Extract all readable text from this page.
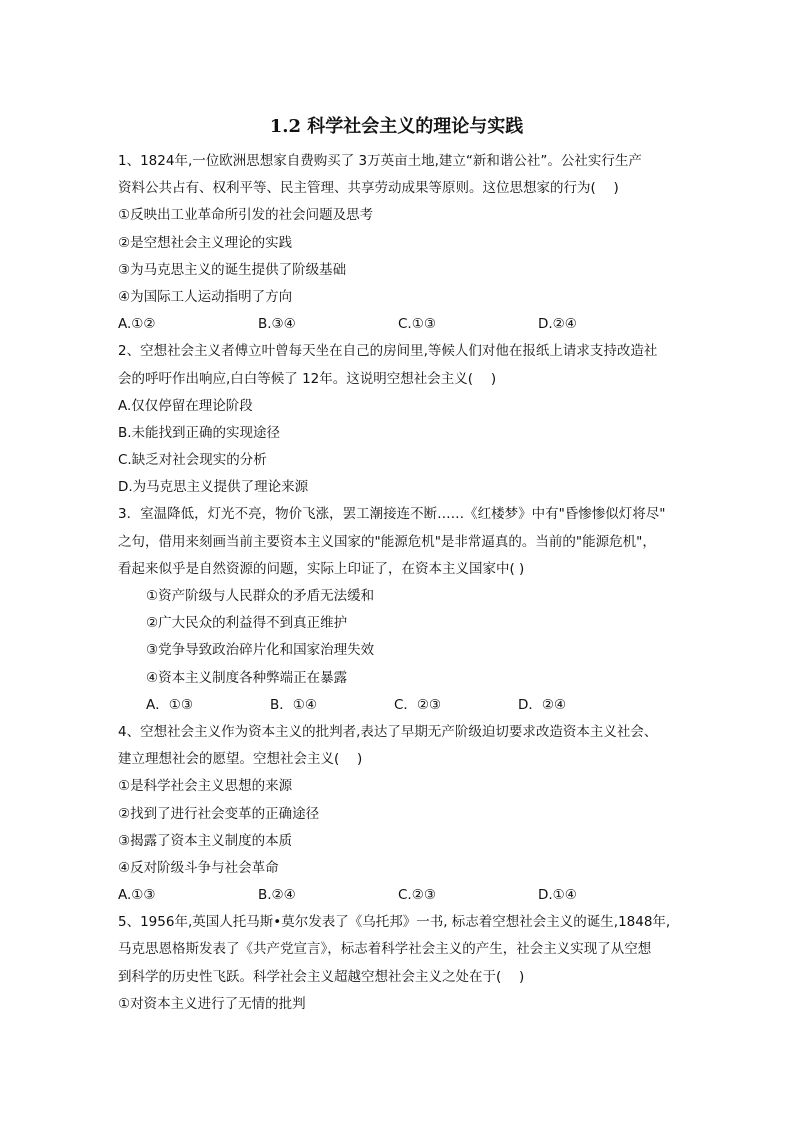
1.2 科学社会主义的理论与实践
1、1824年,一位欧洲思想家自费购买了 3万英亩土地,建立“新和谐公社”。公社实行生产
资料公共占有、权利平等、民主管理、共享劳动成果等原则。这位思想家的行为(　 )
①反映出工业革命所引发的社会问题及思考
②是空想社会主义理论的实践
③为马克思主义的诞生提供了阶级基础
④为国际工人运动指明了方向
A.①②	B.③④	C.①③	D.②④
2、空想社会主义者傅立叶曾每天坐在自己的房间里,等候人们对他在报纸上请求支持改造社
会的呼吁作出响应,白白等候了 12年。这说明空想社会主义(　 )
A.仅仅停留在理论阶段
B.未能找到正确的实现途径
C.缺乏对社会现实的分析
D.为马克思主义提供了理论来源
3．室温降低，灯光不亮，物价飞涨，罢工潮接连不断……《红楼梦》中有"昏惨惨似灯将尽"
之句，借用来刻画当前主要资本主义国家的"能源危机"是非常逼真的。当前的"能源危机"，
看起来似乎是自然资源的问题，实际上印证了，在资本主义国家中( )
①资产阶级与人民群众的矛盾无法缓和
②广大民众的利益得不到真正维护
③党争导致政治碎片化和国家治理失效
④资本主义制度各种弊端正在暴露
A．①③	B．①④	C．②③	D．②④
4、空想社会主义作为资本主义的批判者,表达了早期无产阶级迫切要求改造资本主义社会、
建立理想社会的愿望。空想社会主义(　 )
①是科学社会主义思想的来源
②找到了进行社会变革的正确途径
③揭露了资本主义制度的本质
④反对阶级斗争与社会革命
A.①③	B.②④	C.②③	D.①④
5、1956年,英国人托马斯•莫尔发表了《乌托邦》一书, 标志着空想社会主义的诞生,1848年,
马克思恩格斯发表了《共产党宣言》，标志着科学社会主义的产生，社会主义实现了从空想
到科学的历史性飞跃。科学社会主义超越空想社会主义之处在于(　 )
①对资本主义进行了无情的批判
